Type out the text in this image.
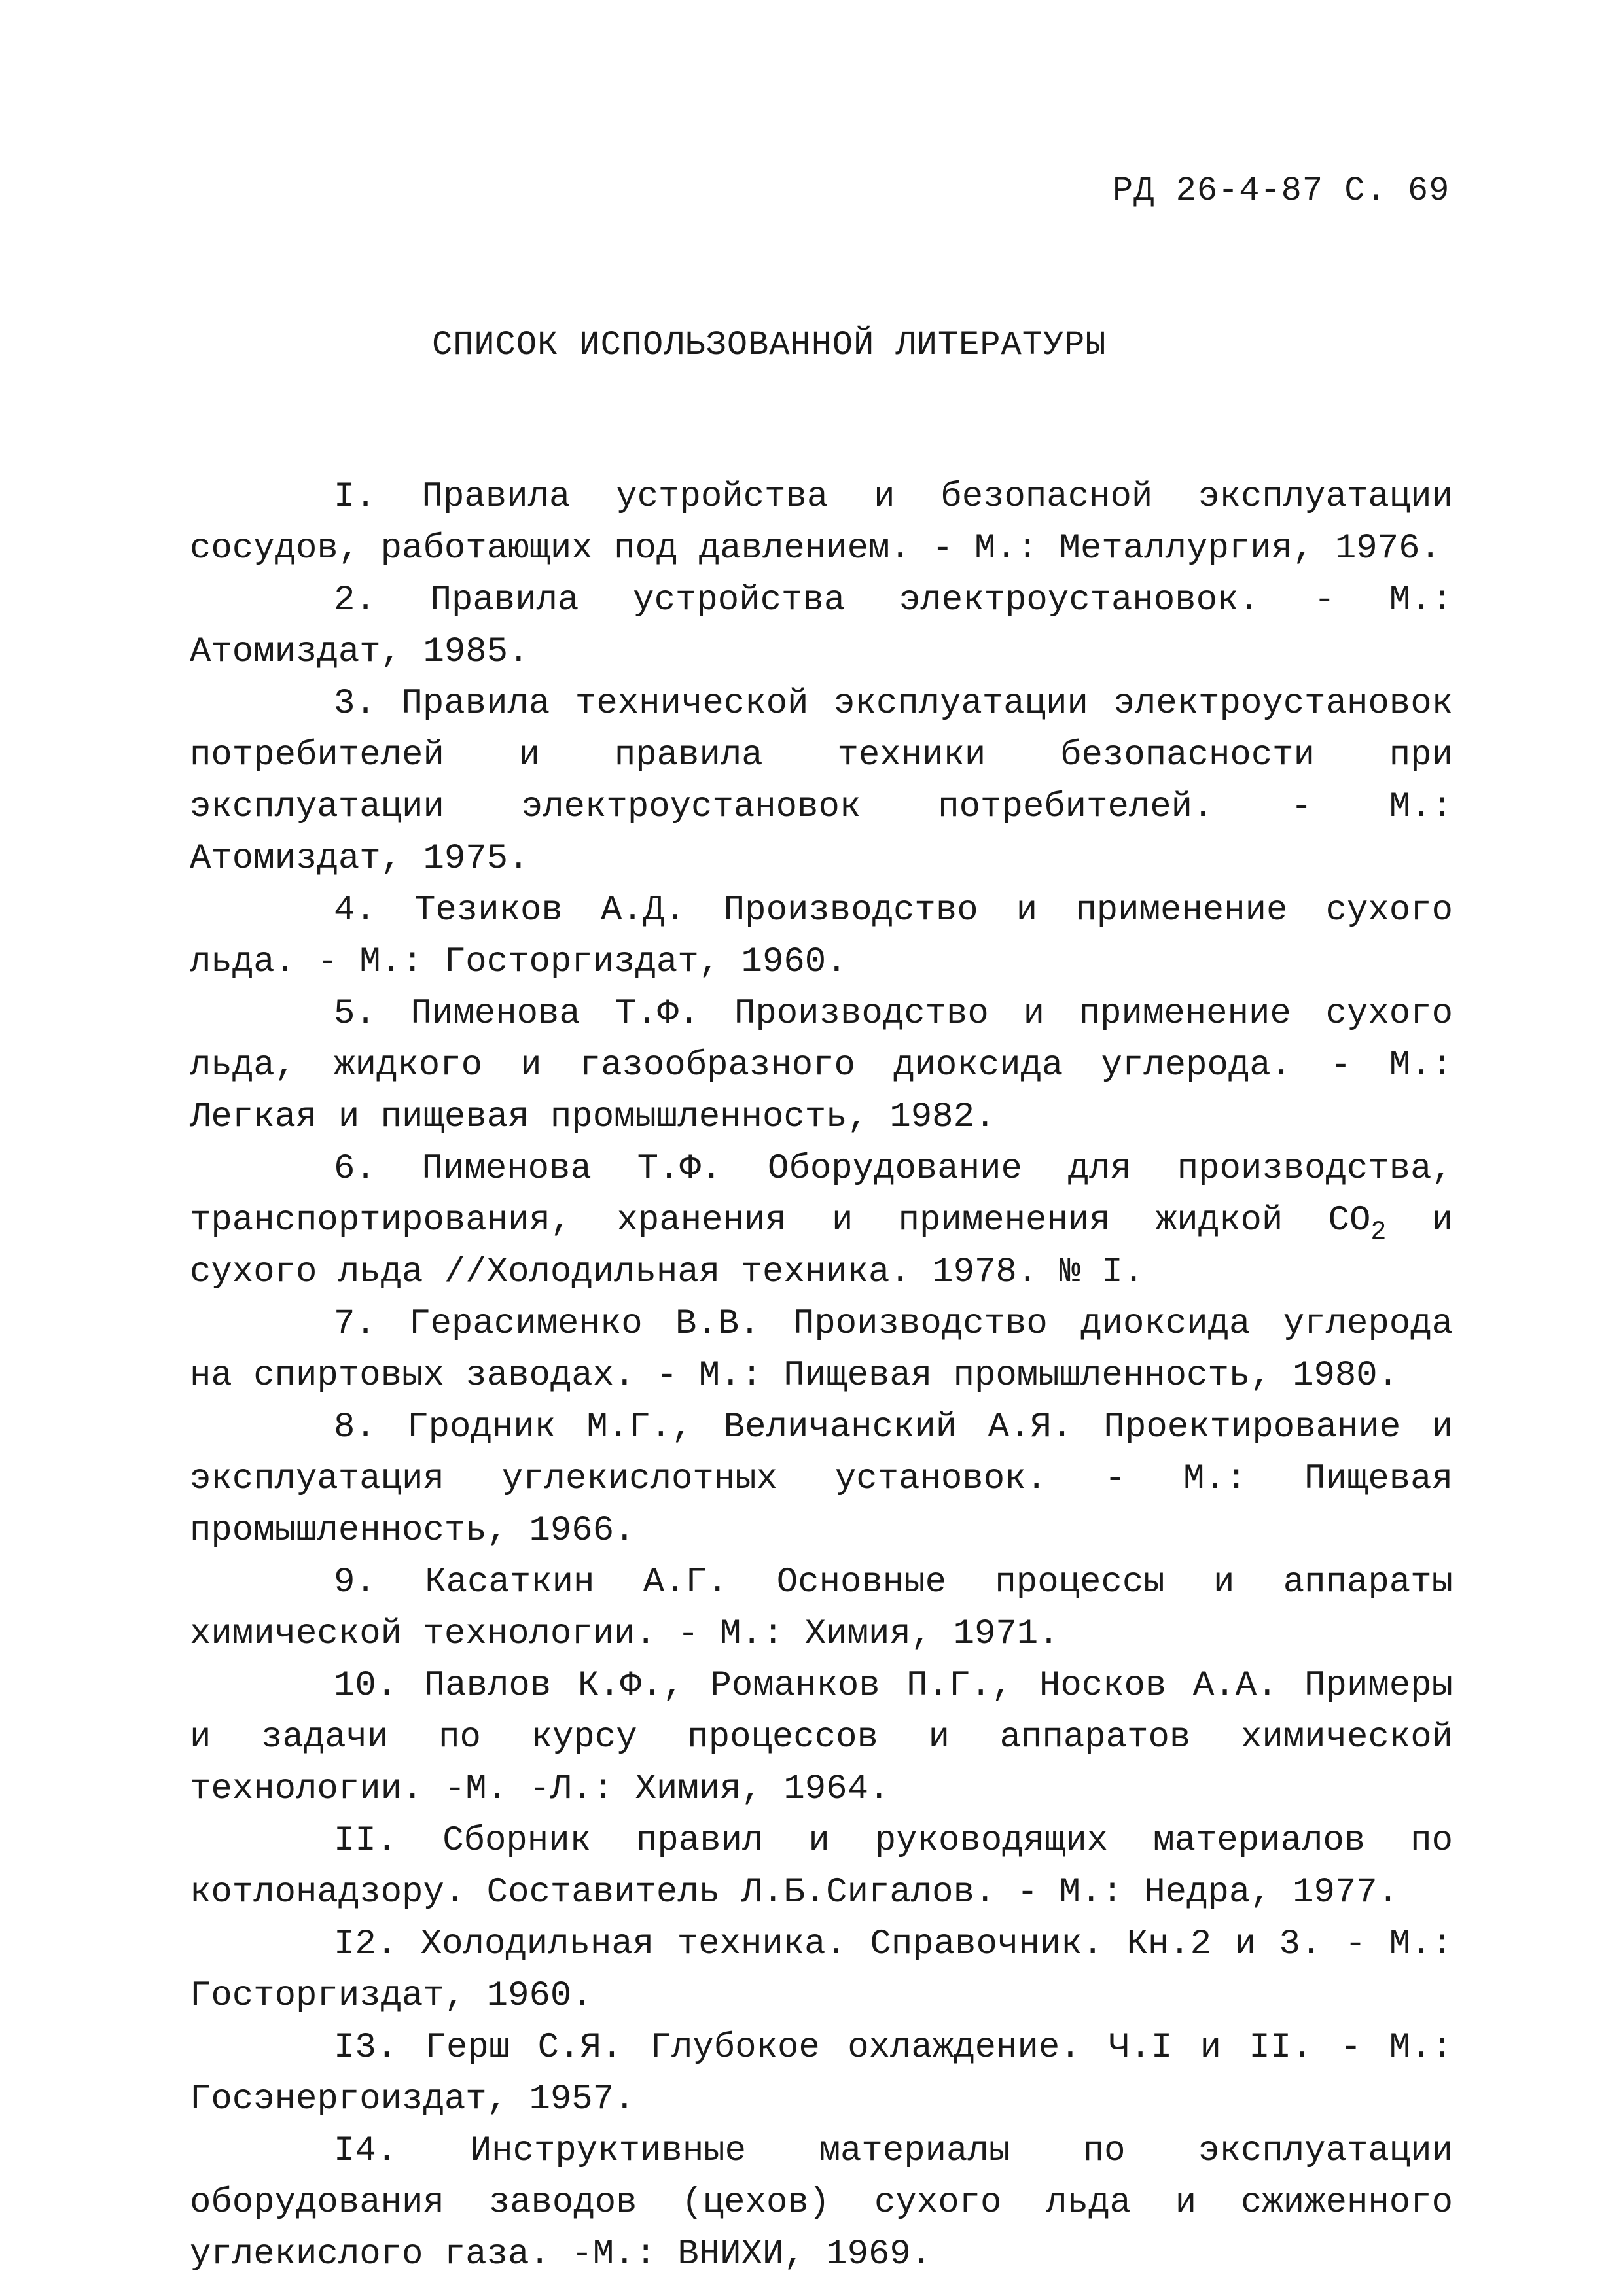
РД 26-4-87 С. 69
СПИСОК ИСПОЛЬЗОВАННОЙ ЛИТЕРАТУРЫ

I. Правила устройства и безопасной эксплуатации сосудов, работающих под давлением. - М.: Металлургия, 1976.

2. Правила устройства электроустановок. - М.: Атомиздат, 1985.

3. Правила технической эксплуатации электроустановок потребителей и правила техники безопасности при эксплуатации электроустановок потребителей. - М.: Атомиздат, 1975.

4. Тезиков А.Д. Производство и применение сухого льда. - М.: Госторгиздат, 1960.

5. Пименова Т.Ф. Производство и применение сухого льда, жидкого и газообразного диоксида углерода. - М.: Легкая и пищевая промышленность, 1982.

6. Пименова Т.Ф. Оборудование для производства, транспортирования, хранения и применения жидкой $CO_2$ и сухого льда //Холодильная техника. 1978. № I.

7. Герасименко В.В. Производство диоксида углерода на спиртовых заводах. - М.: Пищевая промышленность, 1980.

8. Гродник М.Г., Величанский А.Я. Проектирование и эксплуатация углекислотных установок. - М.: Пищевая промышленность, 1966.

9. Касаткин А.Г. Основные процессы и аппараты химической технологии. - М.: Химия, 1971.

10. Павлов К.Ф., Романков П.Г., Носков А.А. Примеры и задачи по курсу процессов и аппаратов химической технологии. -М. -Л.: Химия, 1964.

II. Сборник правил и руководящих материалов по котлонадзору. Составитель Л.Б.Сигалов. - М.: Недра, 1977.

I2. Холодильная техника. Справочник. Кн.2 и 3. - М.: Госторгиздат, 1960.

I3. Герш С.Я. Глубокое охлаждение. Ч.I и II. - М.: Госэнергоиздат, 1957.

I4. Инструктивные материалы по эксплуатации оборудования заводов (цехов) сухого льда и сжиженного углекислого газа. -М.: ВНИХИ, 1969.
